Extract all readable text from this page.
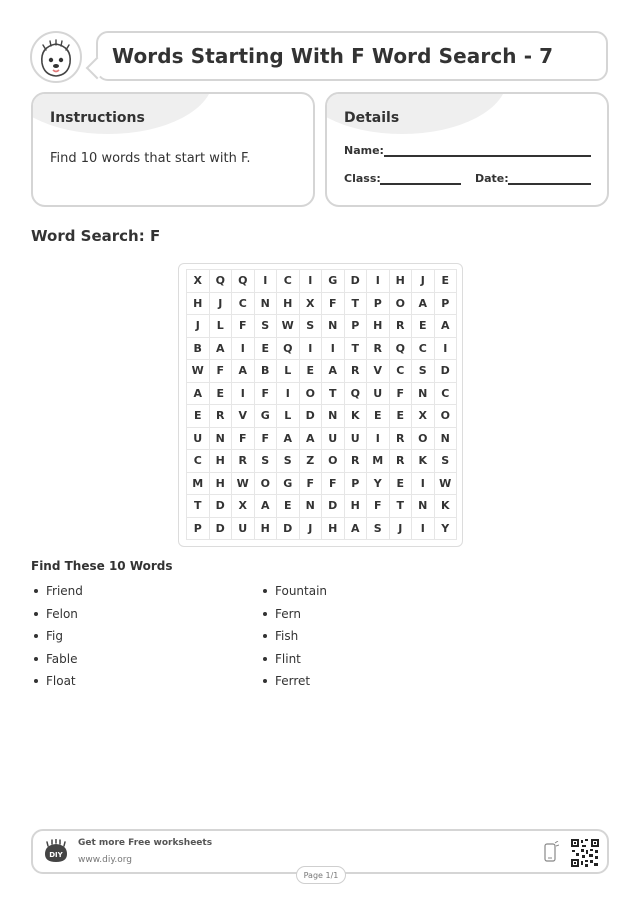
Words Starting With F Word Search - 7
Instructions
Find 10 words that start with F.
Details
Name:
Class:	Date:
Word Search: F
X	Q	Q	I	C	I	G	D	I	H	J	E
H	J	C	N	H	X	F	T	P	O	A	P
J	L	F	S	W	S	N	P	H	R	E	A
B	A	I	E	Q	I	I	T	R	Q	C	I
W	F	A	B	L	E	A	R	V	C	S	D
A	E	I	F	I	O	T	Q	U	F	N	C
E	R	V	G	L	D	N	K	E	E	X	O
U	N	F	F	A	A	U	U	I	R	O	N
C	H	R	S	S	Z	O	R	M	R	K	S
M	H	W	O	G	F	F	P	Y	E	I	W
T	D	X	A	E	N	D	H	F	T	N	K
P	D	U	H	D	J	H	A	S	J	I	Y
Find These 10 Words
Friend
Felon
Fig
Fable
Float
Fountain
Fern
Fish
Flint
Ferret
DIY
Get more Free worksheets
www.diy.org
Page 1/1
